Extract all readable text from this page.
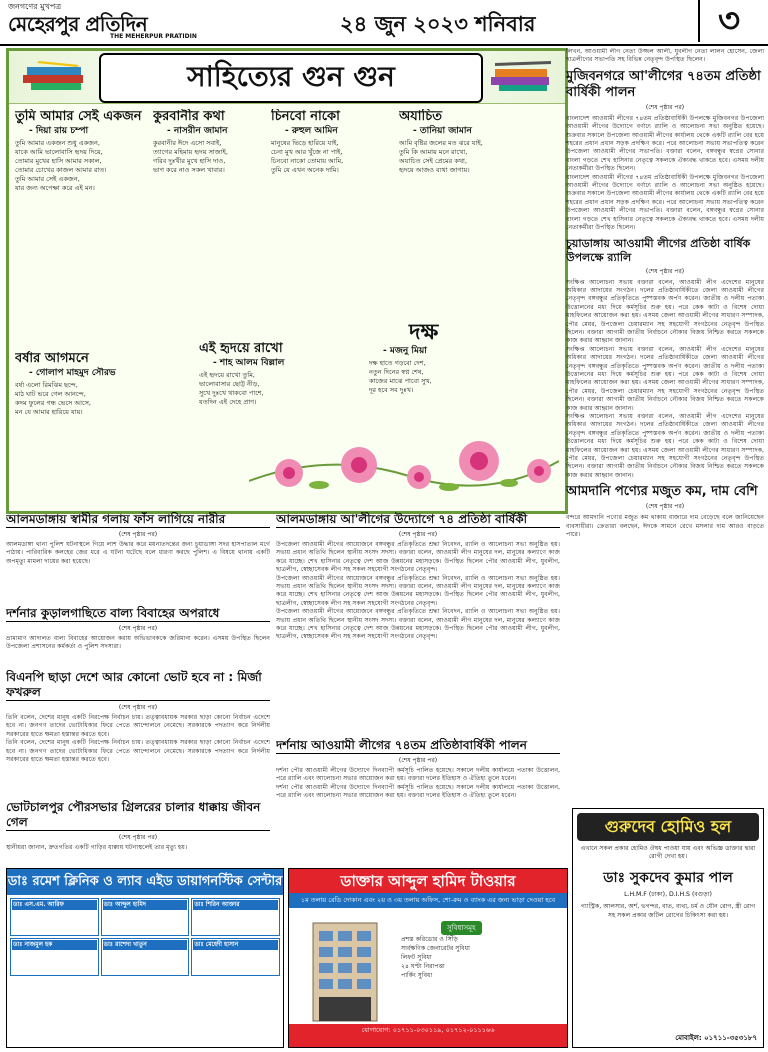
জনগণের মুখপত্র
মেহেরপুর প্রতিদিন
THE MEHERPUR PRATIDIN
২৪ জুন ২০২৩ শনিবার	৩
সাহিত্যের গুন গুন
তুমি আমার সেই একজন
- দিয়া রায় চম্পা

তুমি আমার একজন শুধু একজন,

যাকে আমি ভালোবাসি হৃদয় দিয়ে,

তোমার মুখের হাসি আমার সকাল,

তোমার চোখের কাজল আমার রাত।

তুমি আমার সেই একজন,

যার জন্য অপেক্ষা করে এই মন।

কুরবানীর কথা
- নাসরীন জামান

কুরবানীর ঈদে এসো সবাই,

ত্যাগের মহিমায় হৃদয় সাজাই,

গরিব দুঃখীর মুখে হাসি দাও,

ভাগ করে নাও সকল খাবার।

চিনবো নাকো
- রুহুল আমিন

মানুষের ভিড়ে হারিয়ে যাই,

চেনা মুখ আর খুঁজে না পাই,

চিনবো নাকো তোমায় আমি,

তুমি যে এখন অনেক দামি।

অযাচিত
- তানিয়া জামান

আমি বৃষ্টির জলের মত ঝরে যাই,

তুমি কি আমায় মনে রাখো,

অযাচিত সেই প্রেমের কথা,

হৃদয়ে আজও ব্যথা জাগায়।

বর্ষার আগমনে
- গোলাপ মাহমুদ সৌরভ

বর্ষা এলো রিমঝিম ছন্দে,

মাঠ ঘাট ভরে গেল আনন্দে,

কদম ফুলের গন্ধ ভেসে আসে,

মন যে আমার হারিয়ে যায়।

এই হৃদয়ে রাখো
- শাহ আলম বিল্লাল

এই হৃদয়ে রাখো তুমি,

ভালোবাসার ছোট্ট নীড়,

সুখে দুঃখে থাকবো পাশে,

যতদিন এই দেহে প্রাণ।

দক্ষ
- মজনু মিয়া

দক্ষ হাতে গড়বো দেশ,

নতুন দিনের স্বপ্ন শেষ,

কাজের মাঝে পাবো সুখ,

দূর হবে সব দুঃখ।

লিখন, আওয়ামী লীগ নেতা উজ্জল আলী, যুবলীগ নেতা লালন হোসেন, জেলা ছাত্রলীগের সভাপতি সহ বিভিন্ন নেতৃবৃন্দ উপস্থিত ছিলেন।

মুজিবনগরে আ'লীগের ৭৪তম প্রতিষ্ঠা বার্ষিকী পালন

(শেষ পৃষ্ঠার পর)

বাংলাদেশ আওয়ামী লীগের ৭৪তম প্রতিষ্ঠাবার্ষিকী উপলক্ষে মুজিবনগর উপজেলা আওয়ামী লীগের উদ্যোগে বর্ণাঢ্য র‌্যালি ও আলোচনা সভা অনুষ্ঠিত হয়েছে। শুক্রবার সকালে উপজেলা আওয়ামী লীগের কার্যালয় থেকে একটি র‌্যালি বের হয়ে শহরের প্রধান প্রধান সড়ক প্রদক্ষিণ করে। পরে আলোচনা সভায় সভাপতিত্ব করেন উপজেলা আওয়ামী লীগের সভাপতি। বক্তারা বলেন, বঙ্গবন্ধুর স্বপ্নের সোনার বাংলা গড়তে শেখ হাসিনার নেতৃত্বে সকলকে ঐক্যবদ্ধ থাকতে হবে। এসময় দলীয় নেতাকর্মীরা উপস্থিত ছিলেন।

বাংলাদেশ আওয়ামী লীগের ৭৪তম প্রতিষ্ঠাবার্ষিকী উপলক্ষে মুজিবনগর উপজেলা আওয়ামী লীগের উদ্যোগে বর্ণাঢ্য র‌্যালি ও আলোচনা সভা অনুষ্ঠিত হয়েছে। শুক্রবার সকালে উপজেলা আওয়ামী লীগের কার্যালয় থেকে একটি র‌্যালি বের হয়ে শহরের প্রধান প্রধান সড়ক প্রদক্ষিণ করে। পরে আলোচনা সভায় সভাপতিত্ব করেন উপজেলা আওয়ামী লীগের সভাপতি। বক্তারা বলেন, বঙ্গবন্ধুর স্বপ্নের সোনার বাংলা গড়তে শেখ হাসিনার নেতৃত্বে সকলকে ঐক্যবদ্ধ থাকতে হবে। এসময় দলীয় নেতাকর্মীরা উপস্থিত ছিলেন।

চুয়াডাঙ্গায় আওয়ামী লীগের প্রতিষ্ঠা বার্ষিক উপলক্ষে র‌্যালি

(শেষ পৃষ্ঠার পর)

সংক্ষিপ্ত আলোচনা সভায় বক্তারা বলেন, আওয়ামী লীগ এদেশের মানুষের অধিকার আদায়ের সংগঠন। দলের প্রতিষ্ঠাবার্ষিকীতে জেলা আওয়ামী লীগের নেতৃবৃন্দ বঙ্গবন্ধুর প্রতিকৃতিতে পুষ্পস্তবক অর্পণ করেন। জাতীয় ও দলীয় পতাকা উত্তোলনের মধ্য দিয়ে কর্মসূচির শুরু হয়। পরে কেক কাটা ও বিশেষ দোয়া মাহফিলের আয়োজন করা হয়। এসময় জেলা আওয়ামী লীগের সাধারণ সম্পাদক, পৌর মেয়র, উপজেলা চেয়ারম্যান সহ সহযোগী সংগঠনের নেতৃবৃন্দ উপস্থিত ছিলেন। বক্তারা আগামী জাতীয় নির্বাচনে নৌকার বিজয় নিশ্চিত করতে সকলকে কাজ করার আহ্বান জানান।

সংক্ষিপ্ত আলোচনা সভায় বক্তারা বলেন, আওয়ামী লীগ এদেশের মানুষের অধিকার আদায়ের সংগঠন। দলের প্রতিষ্ঠাবার্ষিকীতে জেলা আওয়ামী লীগের নেতৃবৃন্দ বঙ্গবন্ধুর প্রতিকৃতিতে পুষ্পস্তবক অর্পণ করেন। জাতীয় ও দলীয় পতাকা উত্তোলনের মধ্য দিয়ে কর্মসূচির শুরু হয়। পরে কেক কাটা ও বিশেষ দোয়া মাহফিলের আয়োজন করা হয়। এসময় জেলা আওয়ামী লীগের সাধারণ সম্পাদক, পৌর মেয়র, উপজেলা চেয়ারম্যান সহ সহযোগী সংগঠনের নেতৃবৃন্দ উপস্থিত ছিলেন। বক্তারা আগামী জাতীয় নির্বাচনে নৌকার বিজয় নিশ্চিত করতে সকলকে কাজ করার আহ্বান জানান।

সংক্ষিপ্ত আলোচনা সভায় বক্তারা বলেন, আওয়ামী লীগ এদেশের মানুষের অধিকার আদায়ের সংগঠন। দলের প্রতিষ্ঠাবার্ষিকীতে জেলা আওয়ামী লীগের নেতৃবৃন্দ বঙ্গবন্ধুর প্রতিকৃতিতে পুষ্পস্তবক অর্পণ করেন। জাতীয় ও দলীয় পতাকা উত্তোলনের মধ্য দিয়ে কর্মসূচির শুরু হয়। পরে কেক কাটা ও বিশেষ দোয়া মাহফিলের আয়োজন করা হয়। এসময় জেলা আওয়ামী লীগের সাধারণ সম্পাদক, পৌর মেয়র, উপজেলা চেয়ারম্যান সহ সহযোগী সংগঠনের নেতৃবৃন্দ উপস্থিত ছিলেন। বক্তারা আগামী জাতীয় নির্বাচনে নৌকার বিজয় নিশ্চিত করতে সকলকে কাজ করার আহ্বান জানান।

আমদানি পণ্যের মজুত কম, দাম বেশি

(শেষ পৃষ্ঠার পর)

বন্দরে আমদানি পণ্যের মজুত কম থাকায় বাজারে দাম বেড়েছে বলে জানিয়েছেন ব্যবসায়ীরা। ক্রেতারা বলছেন, ঈদকে সামনে রেখে মসলার দাম আরও বাড়তে পারে।

আলমডাঙ্গায় স্বামীর গলায় ফাঁস লাগিয়ে নারীর

(শেষ পৃষ্ঠার পর)

আলমডাঙ্গা থানা পুলিশ ঘটনাস্থলে গিয়ে লাশ উদ্ধার করে ময়নাতদন্তের জন্য চুয়াডাঙ্গা সদর হাসপাতাল মর্গে পাঠায়। পারিবারিক কলহের জের ধরে এ ঘটনা ঘটেছে বলে ধারণা করছে পুলিশ। এ বিষয়ে থানায় একটি অপমৃত্যু মামলা দায়ের করা হয়েছে।

দর্শনার কুড়ালগাছিতে বাল্য বিবাহের অপরাধে

(শেষ পৃষ্ঠার পর)

ভ্রাম্যমাণ আদালত বাল্য বিবাহের আয়োজন করায় অভিভাবককে জরিমানা করেন। এসময় উপস্থিত ছিলেন উপজেলা প্রশাসনের কর্মকর্তা ও পুলিশ সদস্যরা।

বিএনপি ছাড়া দেশে আর কোনো ভোট হবে না : মির্জা ফখরুল

(শেষ পৃষ্ঠার পর)

তিনি বলেন, দেশের মানুষ একটি নিরপেক্ষ নির্বাচন চায়। তত্ত্বাবধায়ক সরকার ছাড়া কোনো নির্বাচন এদেশে হবে না। জনগণ তাদের ভোটাধিকার ফিরে পেতে আন্দোলনে নেমেছে। সরকারকে পদত্যাগ করে নির্দলীয় সরকারের হাতে ক্ষমতা হস্তান্তর করতে হবে।

তিনি বলেন, দেশের মানুষ একটি নিরপেক্ষ নির্বাচন চায়। তত্ত্বাবধায়ক সরকার ছাড়া কোনো নির্বাচন এদেশে হবে না। জনগণ তাদের ভোটাধিকার ফিরে পেতে আন্দোলনে নেমেছে। সরকারকে পদত্যাগ করে নির্দলীয় সরকারের হাতে ক্ষমতা হস্তান্তর করতে হবে।

ভোটচালপুর পৌরসভার গ্রিলরের চালার ধাক্কায় জীবন গেল

(শেষ পৃষ্ঠার পর)

স্থানীয়রা জানান, দ্রুতগতির একটি গাড়ির ধাক্কায় ঘটনাস্থলেই তার মৃত্যু হয়।

আলমডাঙ্গায় আ'লীগের উদ্যোগে ৭৪ প্রতিষ্ঠা বার্ষিকী

(শেষ পৃষ্ঠার পর)

উপজেলা আওয়ামী লীগের আয়োজনে বঙ্গবন্ধুর প্রতিকৃতিতে শ্রদ্ধা নিবেদন, র‌্যালি ও আলোচনা সভা অনুষ্ঠিত হয়। সভায় প্রধান অতিথি ছিলেন স্থানীয় সংসদ সদস্য। বক্তারা বলেন, আওয়ামী লীগ মানুষের দল, মানুষের কল্যাণে কাজ করে যাচ্ছে। শেখ হাসিনার নেতৃত্বে দেশ আজ উন্নয়নের মহাসড়কে। উপস্থিত ছিলেন পৌর আওয়ামী লীগ, যুবলীগ, ছাত্রলীগ, স্বেচ্ছাসেবক লীগ সহ সকল সহযোগী সংগঠনের নেতৃবৃন্দ।

উপজেলা আওয়ামী লীগের আয়োজনে বঙ্গবন্ধুর প্রতিকৃতিতে শ্রদ্ধা নিবেদন, র‌্যালি ও আলোচনা সভা অনুষ্ঠিত হয়। সভায় প্রধান অতিথি ছিলেন স্থানীয় সংসদ সদস্য। বক্তারা বলেন, আওয়ামী লীগ মানুষের দল, মানুষের কল্যাণে কাজ করে যাচ্ছে। শেখ হাসিনার নেতৃত্বে দেশ আজ উন্নয়নের মহাসড়কে। উপস্থিত ছিলেন পৌর আওয়ামী লীগ, যুবলীগ, ছাত্রলীগ, স্বেচ্ছাসেবক লীগ সহ সকল সহযোগী সংগঠনের নেতৃবৃন্দ।

উপজেলা আওয়ামী লীগের আয়োজনে বঙ্গবন্ধুর প্রতিকৃতিতে শ্রদ্ধা নিবেদন, র‌্যালি ও আলোচনা সভা অনুষ্ঠিত হয়। সভায় প্রধান অতিথি ছিলেন স্থানীয় সংসদ সদস্য। বক্তারা বলেন, আওয়ামী লীগ মানুষের দল, মানুষের কল্যাণে কাজ করে যাচ্ছে। শেখ হাসিনার নেতৃত্বে দেশ আজ উন্নয়নের মহাসড়কে। উপস্থিত ছিলেন পৌর আওয়ামী লীগ, যুবলীগ, ছাত্রলীগ, স্বেচ্ছাসেবক লীগ সহ সকল সহযোগী সংগঠনের নেতৃবৃন্দ।

দর্শনায় আওয়ামী লীগের ৭৪তম প্রতিষ্ঠাবার্ষিকী পালন

(শেষ পৃষ্ঠার পর)

দর্শনা পৌর আওয়ামী লীগের উদ্যোগে দিনব্যাপী কর্মসূচি পালিত হয়েছে। সকালে দলীয় কার্যালয়ে পতাকা উত্তোলন, পরে র‌্যালি এবং আলোচনা সভার আয়োজন করা হয়। বক্তারা দলের ইতিহাস ও ঐতিহ্য তুলে ধরেন।

দর্শনা পৌর আওয়ামী লীগের উদ্যোগে দিনব্যাপী কর্মসূচি পালিত হয়েছে। সকালে দলীয় কার্যালয়ে পতাকা উত্তোলন, পরে র‌্যালি এবং আলোচনা সভার আয়োজন করা হয়। বক্তারা দলের ইতিহাস ও ঐতিহ্য তুলে ধরেন।

ডাঃ রমেশ ক্লিনিক ও ল্যাব এইড ডায়াগনস্টিক সেন্টার
ডাঃ এস.এম. আরিফ	ডাঃ আব্দুল হামিদ	ডাঃ শিরিন আক্তার
ডাঃ নাজমুল হক	ডাঃ রাশেদা খাতুন	ডাঃ মেহেদী হাসান
ডাক্তার আব্দুল হামিদ টাওয়ার
১ম তলায় রেডি দোকান এবং ২য় ও ৩য় তলায় অফিস, শো-রুম ও ব্যাংক এর জন্য ভাড়া দেওয়া হবে
সুবিধাসমূহ

প্রশস্ত করিডোর ও সিঁড়ি

সার্বক্ষণিক জেনারেটর সুবিধা

লিফট সুবিধা

২৪ ঘণ্টা নিরাপত্তা

পার্কিং সুবিধা

যোগাযোগ: ০১৭১১-০৩০১১৯, ০১৭১২-০১১১৬৬
গুরুদেব হোমিও হল

এখানে সকল প্রকার হোমিও ঔষধ পাওয়া যায় এবং অভিজ্ঞ ডাক্তার দ্বারা রোগী দেখা হয়।

ডাঃ সুকদেব কুমার পাল

L.H.M.F (ঢাকা), D.I.H.S (বগুড়া)

গ্যাস্ট্রিক, আলসার, অর্শ, ভগন্দর, বাত, ব্যথা, চর্ম ও যৌন রোগ, স্ত্রী রোগ সহ সকল প্রকার জটিল রোগের চিকিৎসা করা হয়।

মোবাইল: ০১৭১১-৩৫৩১৮৭
